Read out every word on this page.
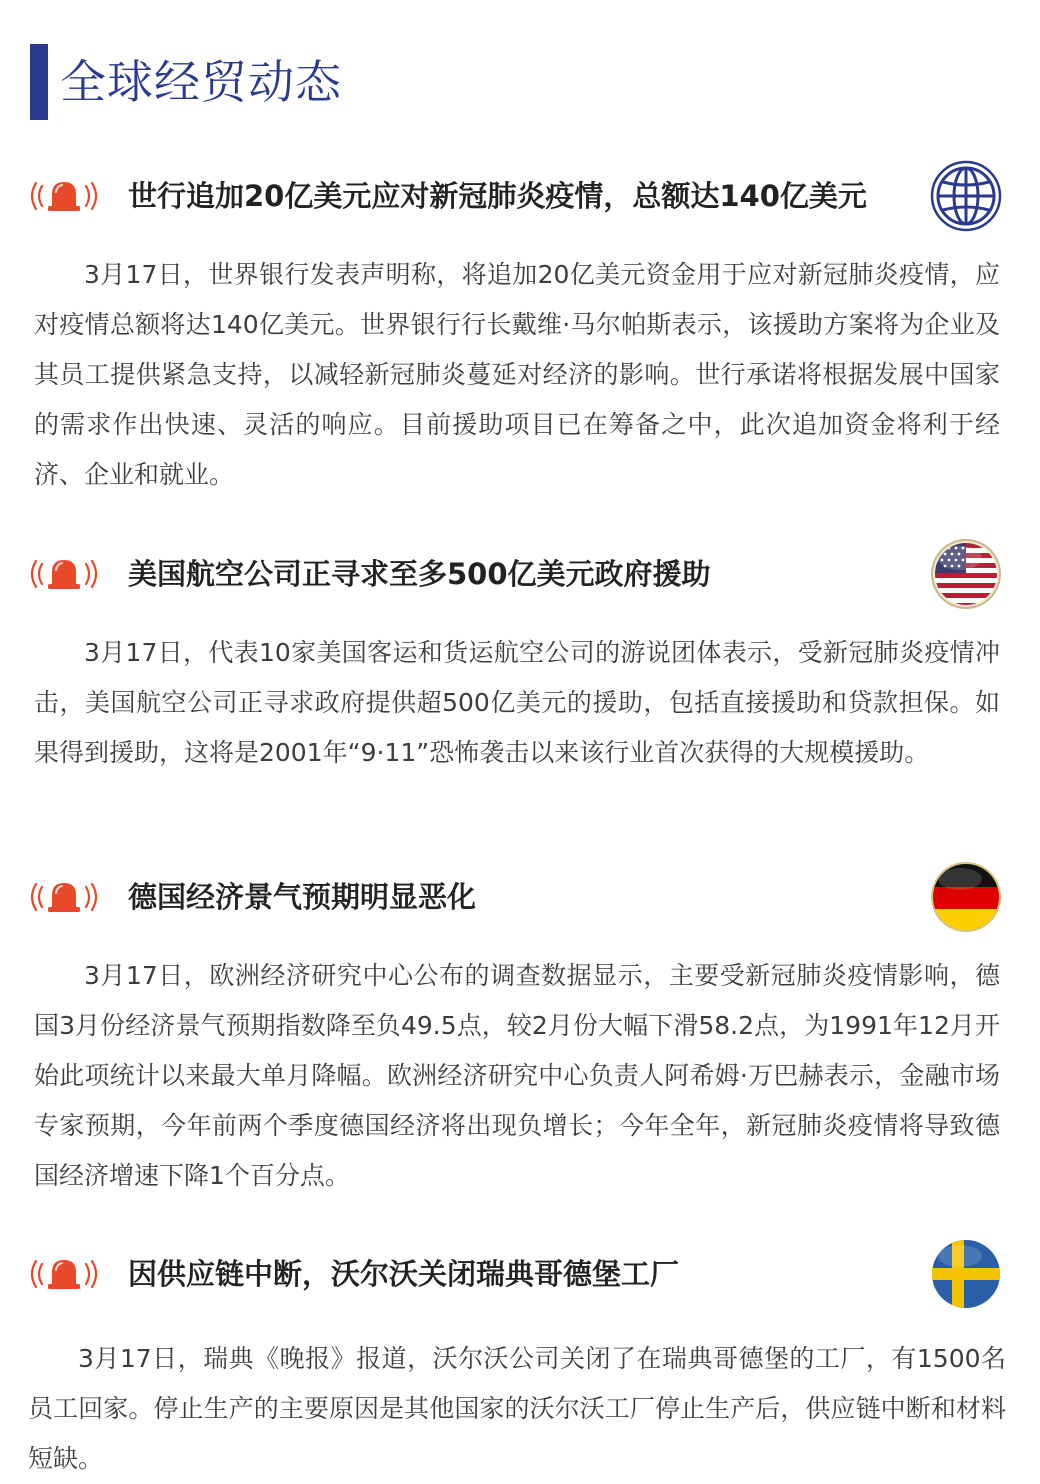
全球经贸动态
世行追加20亿美元应对新冠肺炎疫情，总额达140亿美元

3月17日，世界银行发表声明称，将追加20亿美元资金用于应对新冠肺炎疫情，应对疫情总额将达140亿美元。世界银行行长戴维·马尔帕斯表示，该援助方案将为企业及其员工提供紧急支持，以减轻新冠肺炎蔓延对经济的影响。世行承诺将根据发展中国家的需求作出快速、灵活的响应。目前援助项目已在筹备之中，此次追加资金将利于经济、企业和就业。

美国航空公司正寻求至多500亿美元政府援助

3月17日，代表10家美国客运和货运航空公司的游说团体表示，受新冠肺炎疫情冲击，美国航空公司正寻求政府提供超500亿美元的援助，包括直接援助和贷款担保。如果得到援助，这将是2001年“9·11”恐怖袭击以来该行业首次获得的大规模援助。

德国经济景气预期明显恶化

3月17日，欧洲经济研究中心公布的调查数据显示，主要受新冠肺炎疫情影响，德国3月份经济景气预期指数降至负49.5点，较2月份大幅下滑58.2点，为1991年12月开始此项统计以来最大单月降幅。欧洲经济研究中心负责人阿希姆·万巴赫表示，金融市场专家预期，今年前两个季度德国经济将出现负增长；今年全年，新冠肺炎疫情将导致德国经济增速下降1个百分点。

因供应链中断，沃尔沃关闭瑞典哥德堡工厂

3月17日，瑞典《晚报》报道，沃尔沃公司关闭了在瑞典哥德堡的工厂，有1500名员工回家。停止生产的主要原因是其他国家的沃尔沃工厂停止生产后，供应链中断和材料短缺。
